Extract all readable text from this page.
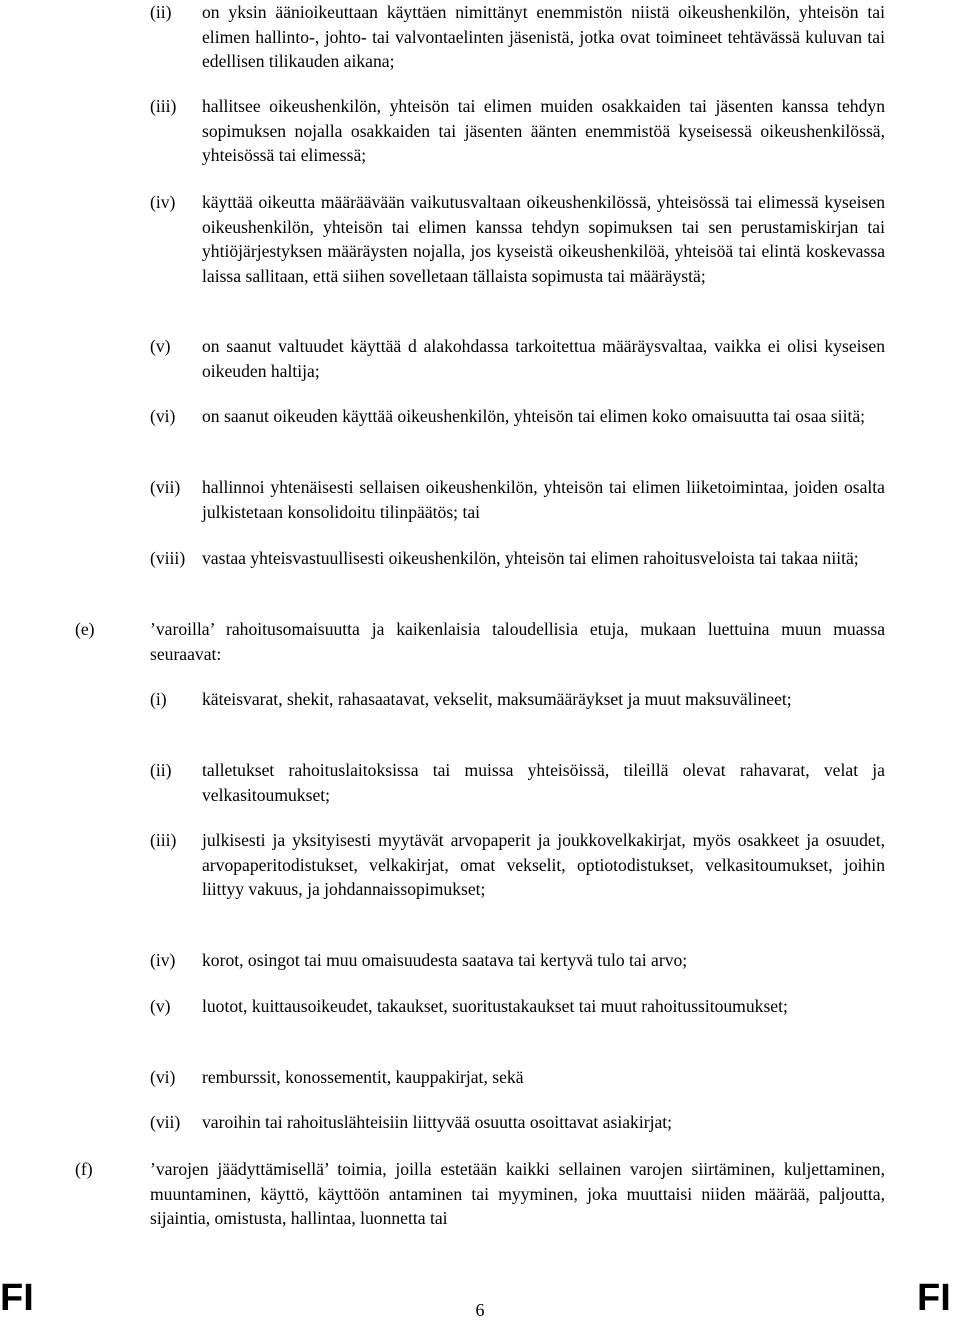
(ii) on yksin äänioikeuttaan käyttäen nimittänyt enemmistön niistä oikeushenkilön, yhteisön tai elimen hallinto-, johto- tai valvontaelinten jäsenistä, jotka ovat toimineet tehtävässä kuluvan tai edellisen tilikauden aikana;
(iii) hallitsee oikeushenkilön, yhteisön tai elimen muiden osakkaiden tai jäsenten kanssa tehdyn sopimuksen nojalla osakkaiden tai jäsenten äänten enemmistöä kyseisessä oikeushenkilössä, yhteisössä tai elimessä;
(iv) käyttää oikeutta määräävään vaikutusvaltaan oikeushenkilössä, yhteisössä tai elimessä kyseisen oikeushenkilön, yhteisön tai elimen kanssa tehdyn sopimuksen tai sen perustamiskirjan tai yhtiöjärjestyksen määräysten nojalla, jos kyseistä oikeushenkilöä, yhteisöä tai elintä koskevassa laissa sallitaan, että siihen sovelletaan tällaista sopimusta tai määräystä;
(v) on saanut valtuudet käyttää d alakohdassa tarkoitettua määräysvaltaa, vaikka ei olisi kyseisen oikeuden haltija;
(vi) on saanut oikeuden käyttää oikeushenkilön, yhteisön tai elimen koko omaisuutta tai osaa siitä;
(vii) hallinnoi yhtenäisesti sellaisen oikeushenkilön, yhteisön tai elimen liiketoimintaa, joiden osalta julkistetaan konsolidoitu tilinpäätös; tai
(viii) vastaa yhteisvastuullisesti oikeushenkilön, yhteisön tai elimen rahoitusveloista tai takaa niitä;
(e)	’varoilla’ rahoitusomaisuutta ja kaikenlaisia taloudellisia etuja, mukaan luettuina muun muassa seuraavat:
(i) käteisvarat, shekit, rahasaatavat, vekselit, maksumääräykset ja muut maksuvälineet;
(ii) talletukset rahoituslaitoksissa tai muissa yhteisöissä, tileillä olevat rahavarat, velat ja velkasitoumukset;
(iii) julkisesti ja yksityisesti myytävät arvopaperit ja joukkovelkakirjat, myös osakkeet ja osuudet, arvopaperitodistukset, velkakirjat, omat vekselit, optiotodistukset, velkasitoumukset, joihin liittyy vakuus, ja johdannaissopimukset;
(iv) korot, osingot tai muu omaisuudesta saatava tai kertyvä tulo tai arvo;
(v) luotot, kuittausoikeudet, takaukset, suoritustakaukset tai muut rahoitussitoumukset;
(vi) remburssit, konossementit, kauppakirjat, sekä
(vii) varoihin tai rahoituslähteisiin liittyvää osuutta osoittavat asiakirjat;
(f)	’varojen jäädyttämisellä’ toimia, joilla estetään kaikki sellainen varojen siirtäminen, kuljettaminen, muuntaminen, käyttö, käyttöön antaminen tai myyminen, joka muuttaisi niiden määrää, paljoutta, sijaintia, omistusta, hallintaa, luonnetta tai
FI	6	FI
